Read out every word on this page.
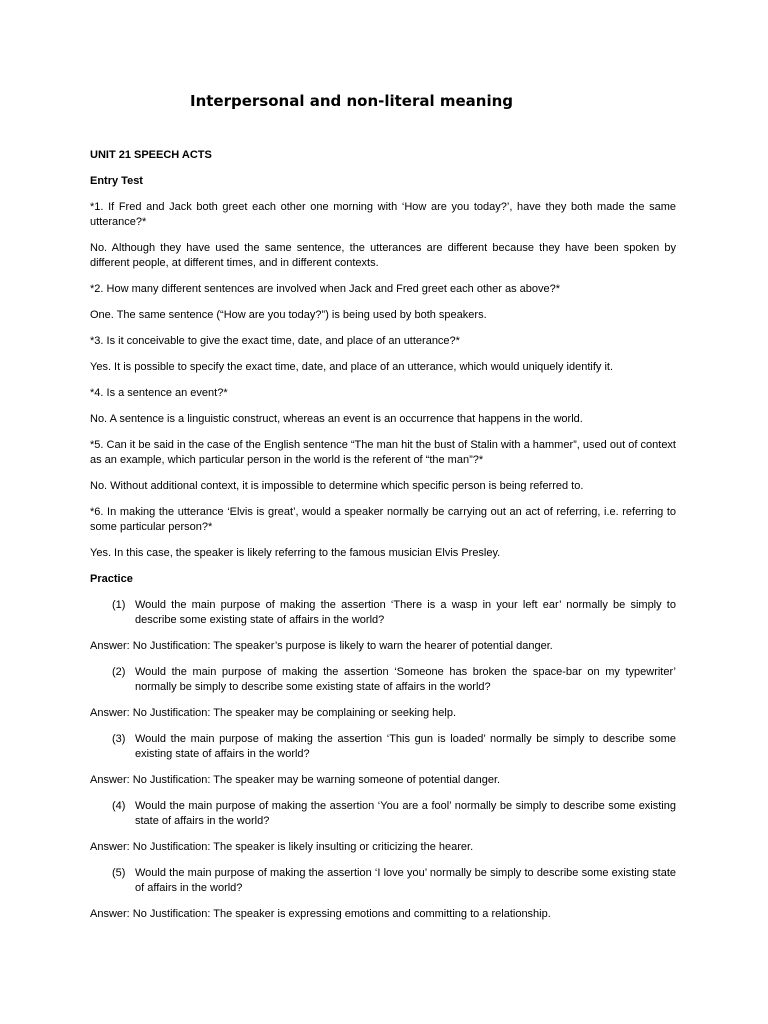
Interpersonal and non-literal meaning

UNIT 21 SPEECH ACTS

Entry Test

*1. If Fred and Jack both greet each other one morning with ‘How are you today?’, have they both made the same utterance?*

No. Although they have used the same sentence, the utterances are different because they have been spoken by different people, at different times, and in different contexts.

*2. How many different sentences are involved when Jack and Fred greet each other as above?*

One. The same sentence (“How are you today?”) is being used by both speakers.

*3. Is it conceivable to give the exact time, date, and place of an utterance?*

Yes. It is possible to specify the exact time, date, and place of an utterance, which would uniquely identify it.

*4. Is a sentence an event?*

No. A sentence is a linguistic construct, whereas an event is an occurrence that happens in the world.

*5. Can it be said in the case of the English sentence “The man hit the bust of Stalin with a hammer”, used out of context as an example, which particular person in the world is the referent of “the man”?*

No. Without additional context, it is impossible to determine which specific person is being referred to.

*6. In making the utterance ‘Elvis is great’, would a speaker normally be carrying out an act of referring, i.e. referring to some particular person?*

Yes. In this case, the speaker is likely referring to the famous musician Elvis Presley.

Practice

(1) Would the main purpose of making the assertion ‘There is a wasp in your left ear’ normally be simply to describe some existing state of affairs in the world?

Answer: No Justification: The speaker’s purpose is likely to warn the hearer of potential danger.

(2) Would the main purpose of making the assertion ‘Someone has broken the space-bar on my typewriter’ normally be simply to describe some existing state of affairs in the world?

Answer: No Justification: The speaker may be complaining or seeking help.

(3) Would the main purpose of making the assertion ‘This gun is loaded’ normally be simply to describe some existing state of affairs in the world?

Answer: No Justification: The speaker may be warning someone of potential danger.

(4) Would the main purpose of making the assertion ‘You are a fool’ normally be simply to describe some existing state of affairs in the world?

Answer: No Justification: The speaker is likely insulting or criticizing the hearer.

(5) Would the main purpose of making the assertion ‘I love you’ normally be simply to describe some existing state of affairs in the world?

Answer: No Justification: The speaker is expressing emotions and committing to a relationship.
